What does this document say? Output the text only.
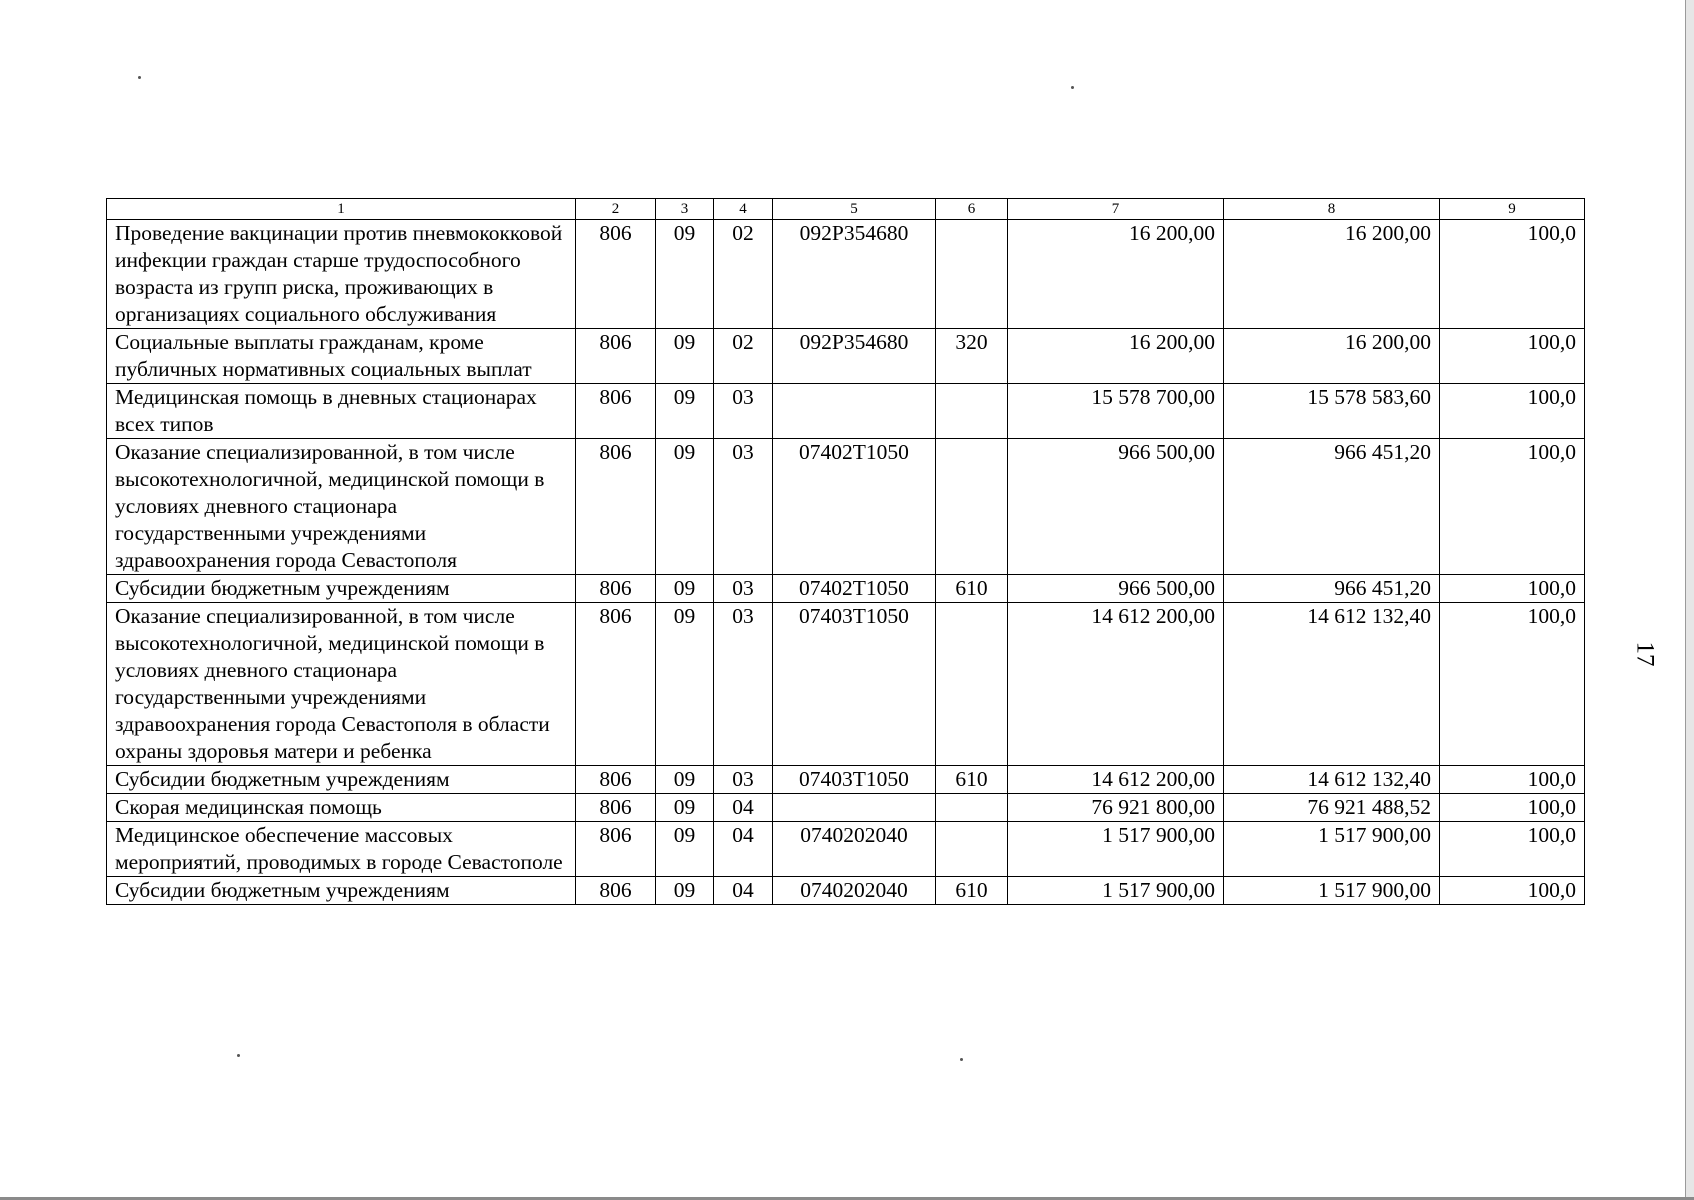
17
1	2	3	4	5	6	7	8	9
Проведение вакцинации против пневмококковой инфекции граждан старше трудоспособного возраста из групп риска, проживающих в организациях социального обслуживания	806	09	02	092P354680		16 200,00	16 200,00	100,0
Социальные выплаты гражданам, кроме публичных нормативных социальных выплат	806	09	02	092P354680	320	16 200,00	16 200,00	100,0
Медицинская помощь в дневных стационарах всех типов	806	09	03			15 578 700,00	15 578 583,60	100,0
Оказание специализированной, в том числе высокотехнологичной, медицинской помощи в условиях дневного стационара государственными учреждениями здравоохранения города Севастополя	806	09	03	07402T1050		966 500,00	966 451,20	100,0
Субсидии бюджетным учреждениям	806	09	03	07402T1050	610	966 500,00	966 451,20	100,0
Оказание специализированной, в том числе высокотехнологичной, медицинской помощи в условиях дневного стационара государственными учреждениями здравоохранения города Севастополя в области охраны здоровья матери и ребенка	806	09	03	07403T1050		14 612 200,00	14 612 132,40	100,0
Субсидии бюджетным учреждениям	806	09	03	07403T1050	610	14 612 200,00	14 612 132,40	100,0
Скорая медицинская помощь	806	09	04			76 921 800,00	76 921 488,52	100,0
Медицинское обеспечение массовых мероприятий, проводимых в городе Севастополе	806	09	04	0740202040		1 517 900,00	1 517 900,00	100,0
Субсидии бюджетным учреждениям	806	09	04	0740202040	610	1 517 900,00	1 517 900,00	100,0
